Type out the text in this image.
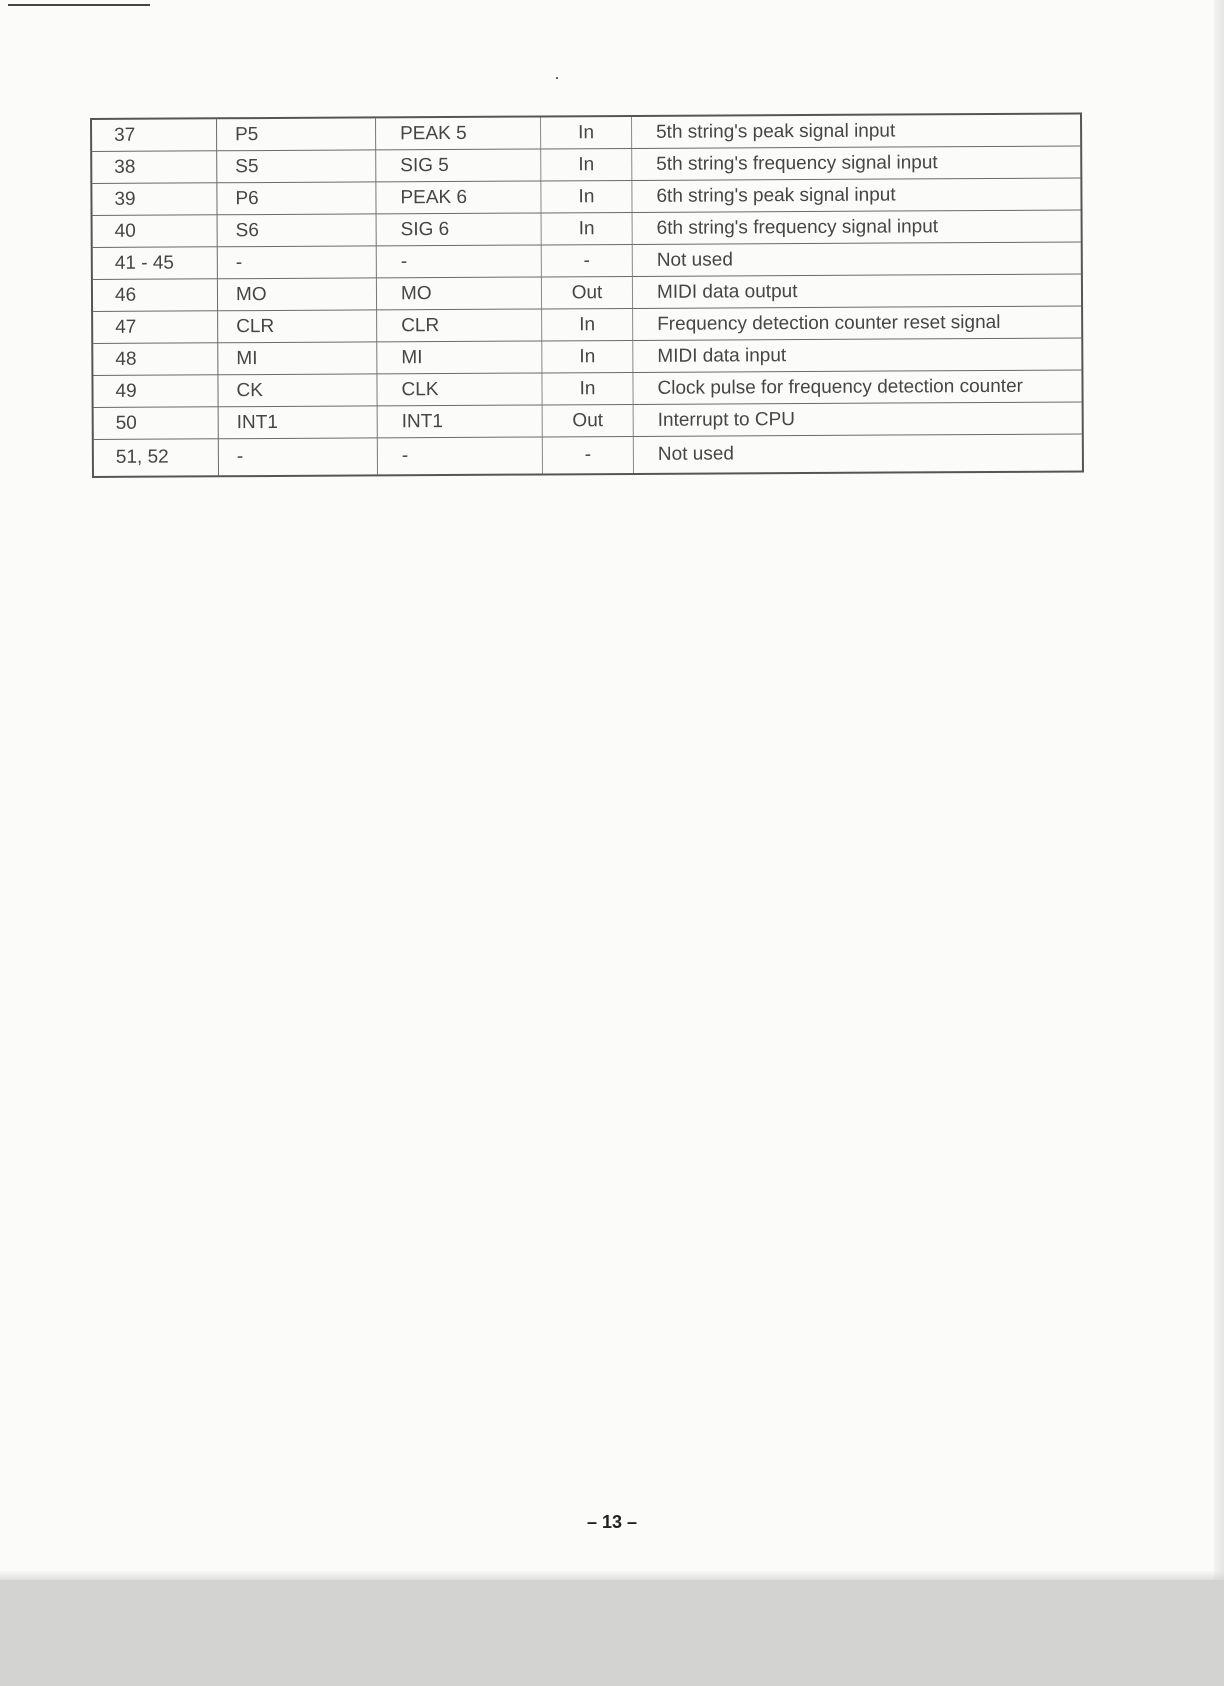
37	P5	PEAK 5	In	5th string's peak signal input
38	S5	SIG 5	In	5th string's frequency signal input
39	P6	PEAK 6	In	6th string's peak signal input
40	S6	SIG 6	In	6th string's frequency signal input
41 - 45	-	-	-	Not used
46	MO	MO	Out	MIDI data output
47	CLR	CLR	In	Frequency detection counter reset signal
48	MI	MI	In	MIDI data input
49	CK	CLK	In	Clock pulse for frequency detection counter
50	INT1	INT1	Out	Interrupt to CPU
51, 52	-	-	-	Not used
– 13 –
